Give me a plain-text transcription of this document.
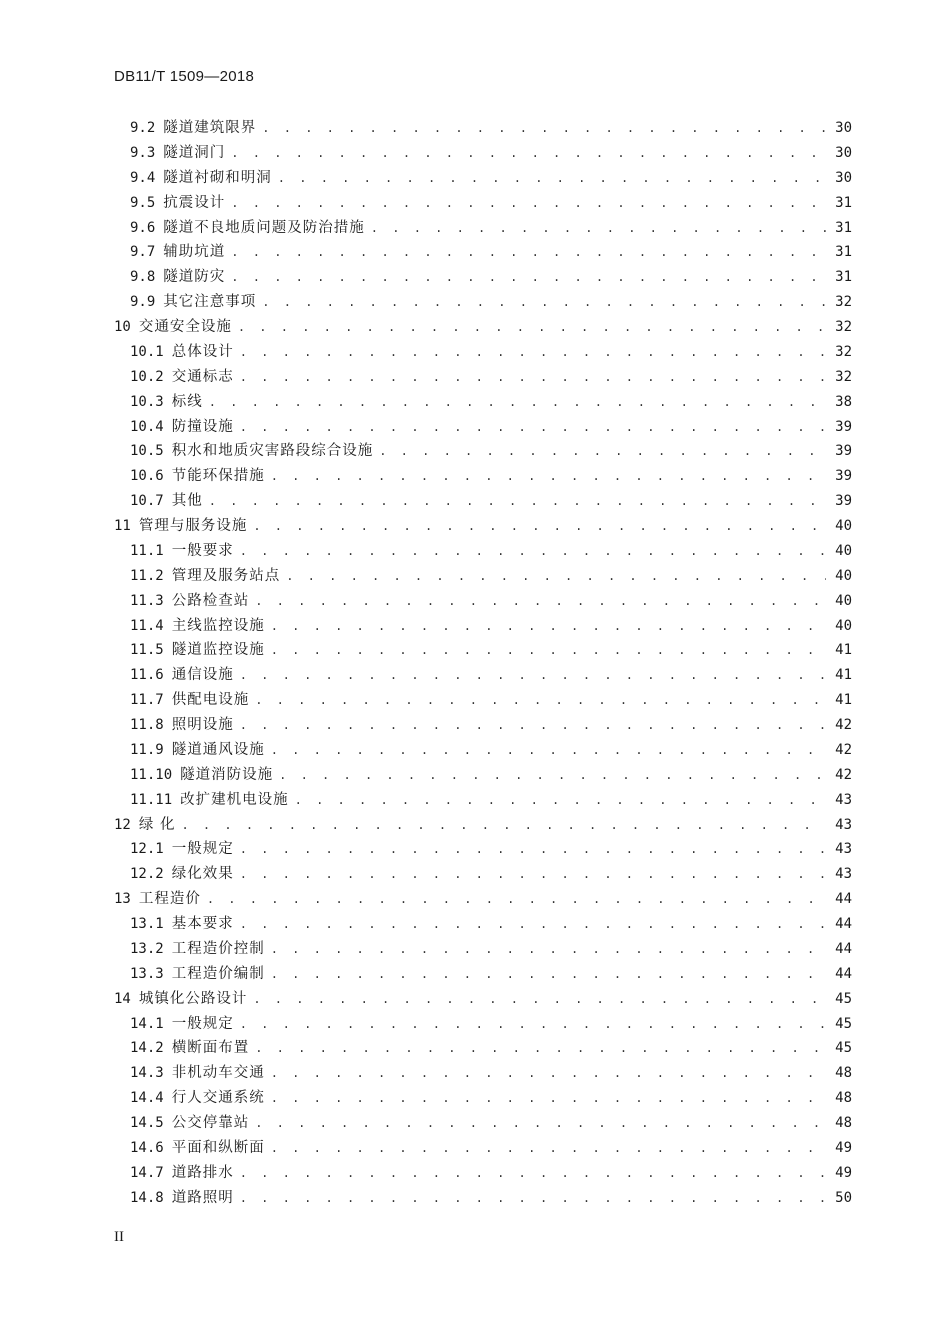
DB11/T 1509—2018
9.2 隧道建筑限界 . . .	30
9.3 隧道洞门 . . .	30
9.4 隧道衬砌和明洞 . . .	30
9.5 抗震设计 . . .	31
9.6 隧道不良地质问题及防治措施 . . .	31
9.7 辅助坑道 . . .	31
9.8 隧道防灾 . . .	31
9.9 其它注意事项 . . .	32
10 交通安全设施 . . .	32
10.1 总体设计 . . .	32
10.2 交通标志 . . .	32
10.3 标线 . . .	38
10.4 防撞设施 . . .	39
10.5 积水和地质灾害路段综合设施 . . .	39
10.6 节能环保措施 . . .	39
10.7 其他 . . .	39
11 管理与服务设施 . . .	40
11.1 一般要求 . . .	40
11.2 管理及服务站点 . . .	40
11.3 公路检查站 . . .	40
11.4 主线监控设施 . . .	40
11.5 隧道监控设施 . . .	41
11.6 通信设施 . . .	41
11.7 供配电设施 . . .	41
11.8 照明设施 . . .	42
11.9 隧道通风设施 . . .	42
11.10 隧道消防设施 . . .	42
11.11 改扩建机电设施 . . .	43
12 绿 化 . . .	43
12.1 一般规定 . . .	43
12.2 绿化效果 . . .	43
13 工程造价 . . .	44
13.1 基本要求 . . .	44
13.2 工程造价控制 . . .	44
13.3 工程造价编制 . . .	44
14 城镇化公路设计 . . .	45
14.1 一般规定 . . .	45
14.2 横断面布置 . . .	45
14.3 非机动车交通 . . .	48
14.4 行人交通系统 . . .	48
14.5 公交停靠站 . . .	48
14.6 平面和纵断面 . . .	49
14.7 道路排水 . . .	49
14.8 道路照明 . . .	50
II
